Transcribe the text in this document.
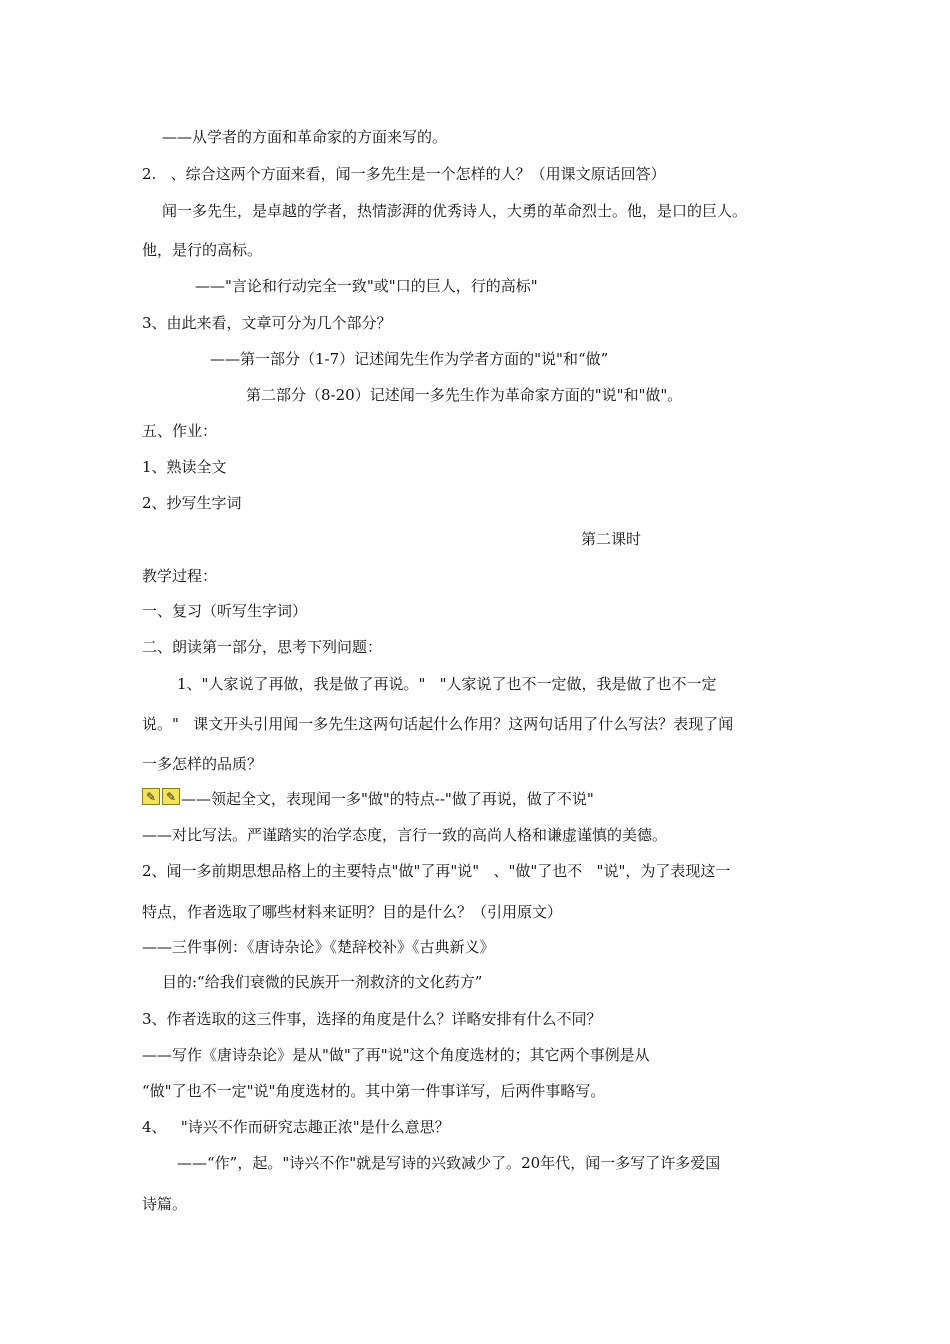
——从学者的方面和革命家的方面来写的。
2.   、综合这两个方面来看，闻一多先生是一个怎样的人？（用课文原话回答）
闻一多先生，是卓越的学者，热情澎湃的优秀诗人，大勇的革命烈士。他，是口的巨人。
他，是行的高标。
——"言论和行动完全一致"或"口的巨人，行的高标"
3、由此来看，文章可分为几个部分？
——第一部分（1-7）记述闻先生作为学者方面的"说"和“做”
第二部分（8-20）记述闻一多先生作为革命家方面的"说"和"做"。
五、作业：
1、熟读全文
2、抄写生字词
第二课时
教学过程：
一、复习（听写生字词）
二、朗读第一部分，思考下列问题：
1、"人家说了再做，我是做了再说。"   "人家说了也不一定做，我是做了也不一定
说。"   课文开头引用闻一多先生这两句话起什么作用？这两句话用了什么写法？表现了闻
一多怎样的品质？
✎ ✎ ——领起全文，表现闻一多"做"的特点--"做了再说，做了不说"
——对比写法。严谨踏实的治学态度，言行一致的高尚人格和谦虚谨慎的美德。
2、闻一多前期思想品格上的主要特点"做"了再"说"   、"做"了也不   "说"，为了表现这一
特点，作者选取了哪些材料来证明？目的是什么？（引用原文）
——三件事例：《唐诗杂论》《楚辞校补》《古典新义》
目的:“给我们衰微的民族开一剂救济的文化药方”
3、作者选取的这三件事，选择的角度是什么？详略安排有什么不同？
——写作《唐诗杂论》是从"做"了再"说"这个角度选材的；其它两个事例是从
“做"了也不一定"说"角度选材的。其中第一件事详写，后两件事略写。
4、   "诗兴不作而研究志趣正浓"是什么意思？
——“作”，起。"诗兴不作"就是写诗的兴致减少了。20年代，闻一多写了许多爱国
诗篇。
